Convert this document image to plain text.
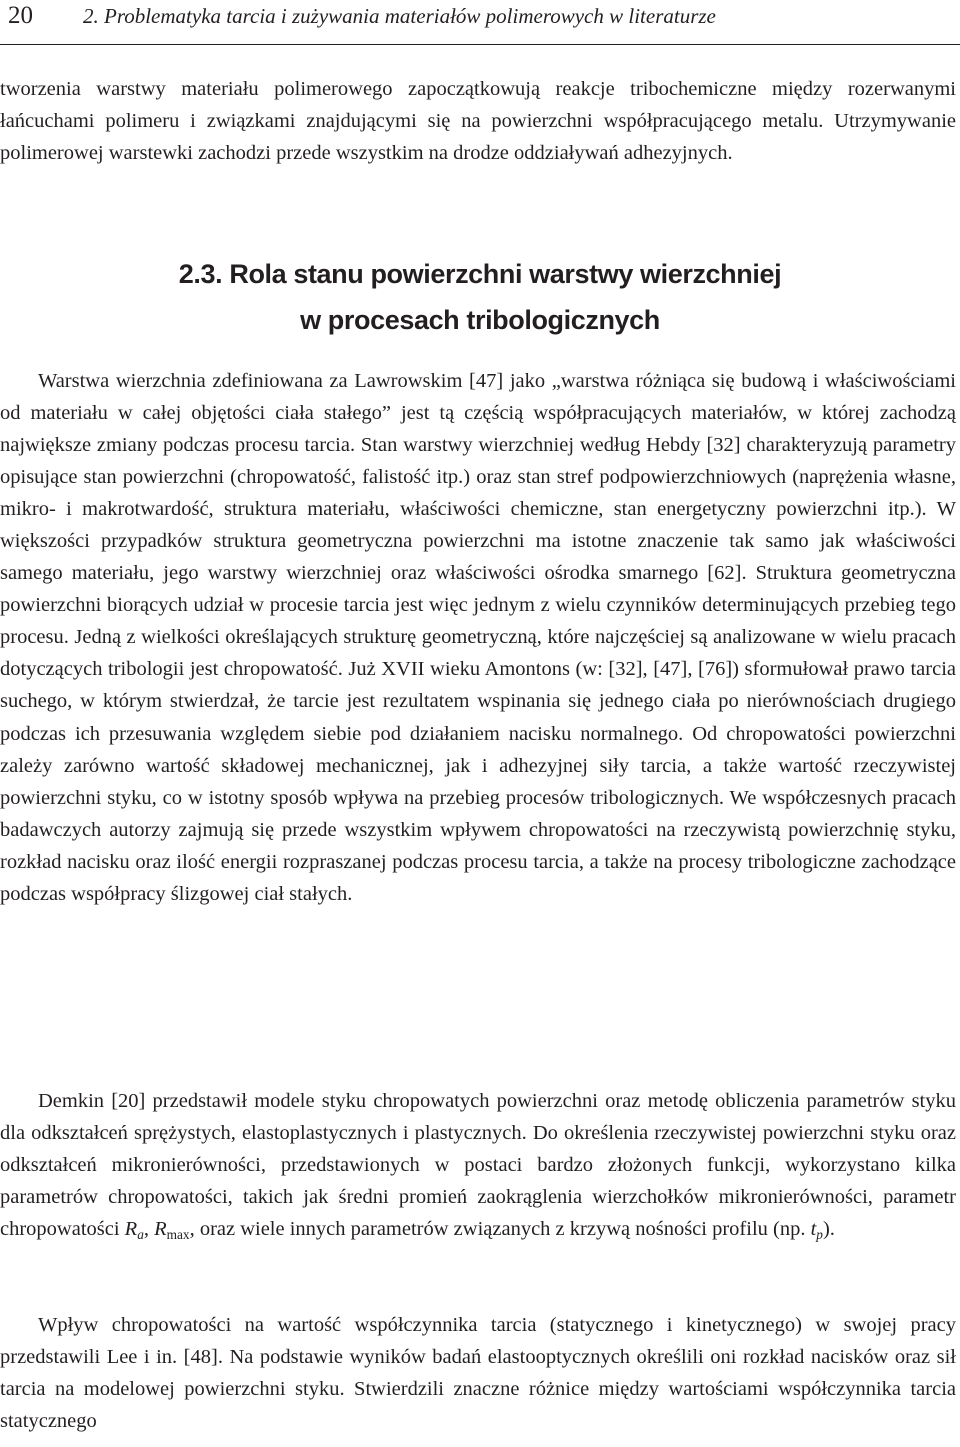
20 2. Problematyka tarcia i zużywania materiałów polimerowych w literaturze

tworzenia warstwy materiału polimerowego zapoczątkowują reakcje tribochemiczne między rozerwanymi łańcuchami polimeru i związkami znajdującymi się na powierzchni współpracującego metalu. Utrzymywanie polimerowej warstewki zachodzi przede wszystkim na drodze oddziaływań adhezyjnych.

2.3. Rola stanu powierzchni warstwy wierzchniej
w procesach tribologicznych

Warstwa wierzchnia zdefiniowana za Lawrowskim [47] jako „warstwa różniąca się budową i właściwościami od materiału w całej objętości ciała stałego” jest tą częścią współpracujących materiałów, w której zachodzą największe zmiany podczas procesu tarcia. Stan warstwy wierzchniej według Hebdy [32] charakteryzują parametry opisujące stan powierzchni (chropowatość, falistość itp.) oraz stan stref podpowierzchniowych (naprężenia własne, mikro- i makrotwardość, struktura materiału, właściwości chemiczne, stan energetyczny powierzchni itp.). W większości przypadków struktura geometryczna powierzchni ma istotne znaczenie tak samo jak właściwości samego materiału, jego warstwy wierzchniej oraz właściwości ośrodka smarnego [62]. Struktura geometryczna powierzchni biorących udział w procesie tarcia jest więc jednym z wielu czynników determinujących przebieg tego procesu. Jedną z wielkości określających strukturę geometryczną, które najczęściej są analizowane w wielu pracach dotyczących tribologii jest chropowatość. Już XVII wieku Amontons (w: [32], [47], [76]) sformułował prawo tarcia suchego, w którym stwierdzał, że tarcie jest rezultatem wspinania się jednego ciała po nierównościach drugiego podczas ich przesuwania względem siebie pod działaniem nacisku normalnego. Od chropowatości powierzchni zależy zarówno wartość składowej mechanicznej, jak i adhezyjnej siły tarcia, a także wartość rzeczywistej powierzchni styku, co w istotny sposób wpływa na przebieg procesów tribologicznych. We współczesnych pracach badawczych autorzy zajmują się przede wszystkim wpływem chropowatości na rzeczywistą powierzchnię styku, rozkład nacisku oraz ilość energii rozpraszanej podczas procesu tarcia, a także na procesy tribologiczne zachodzące podczas współpracy ślizgowej ciał stałych.

Demkin [20] przedstawił modele styku chropowatych powierzchni oraz metodę obliczenia parametrów styku dla odkształceń sprężystych, elastoplastycznych i plastycznych. Do określenia rzeczywistej powierzchni styku oraz odkształceń mikronierówności, przedstawionych w postaci bardzo złożonych funkcji, wykorzystano kilka parametrów chropowatości, takich jak średni promień zaokrąglenia wierzchołków mikronierówności, parametr chropowatości $R_a$, $R_{max}$, oraz wiele innych parametrów związanych z krzywą nośności profilu (np. $t_p$).

Wpływ chropowatości na wartość współczynnika tarcia (statycznego i kinetycznego) w swojej pracy przedstawili Lee i in. [48]. Na podstawie wyników badań elastooptycznych określili oni rozkład nacisków oraz sił tarcia na modelowej powierzchni styku. Stwierdzili znaczne różnice między wartościami współczynnika tarcia statycznego
